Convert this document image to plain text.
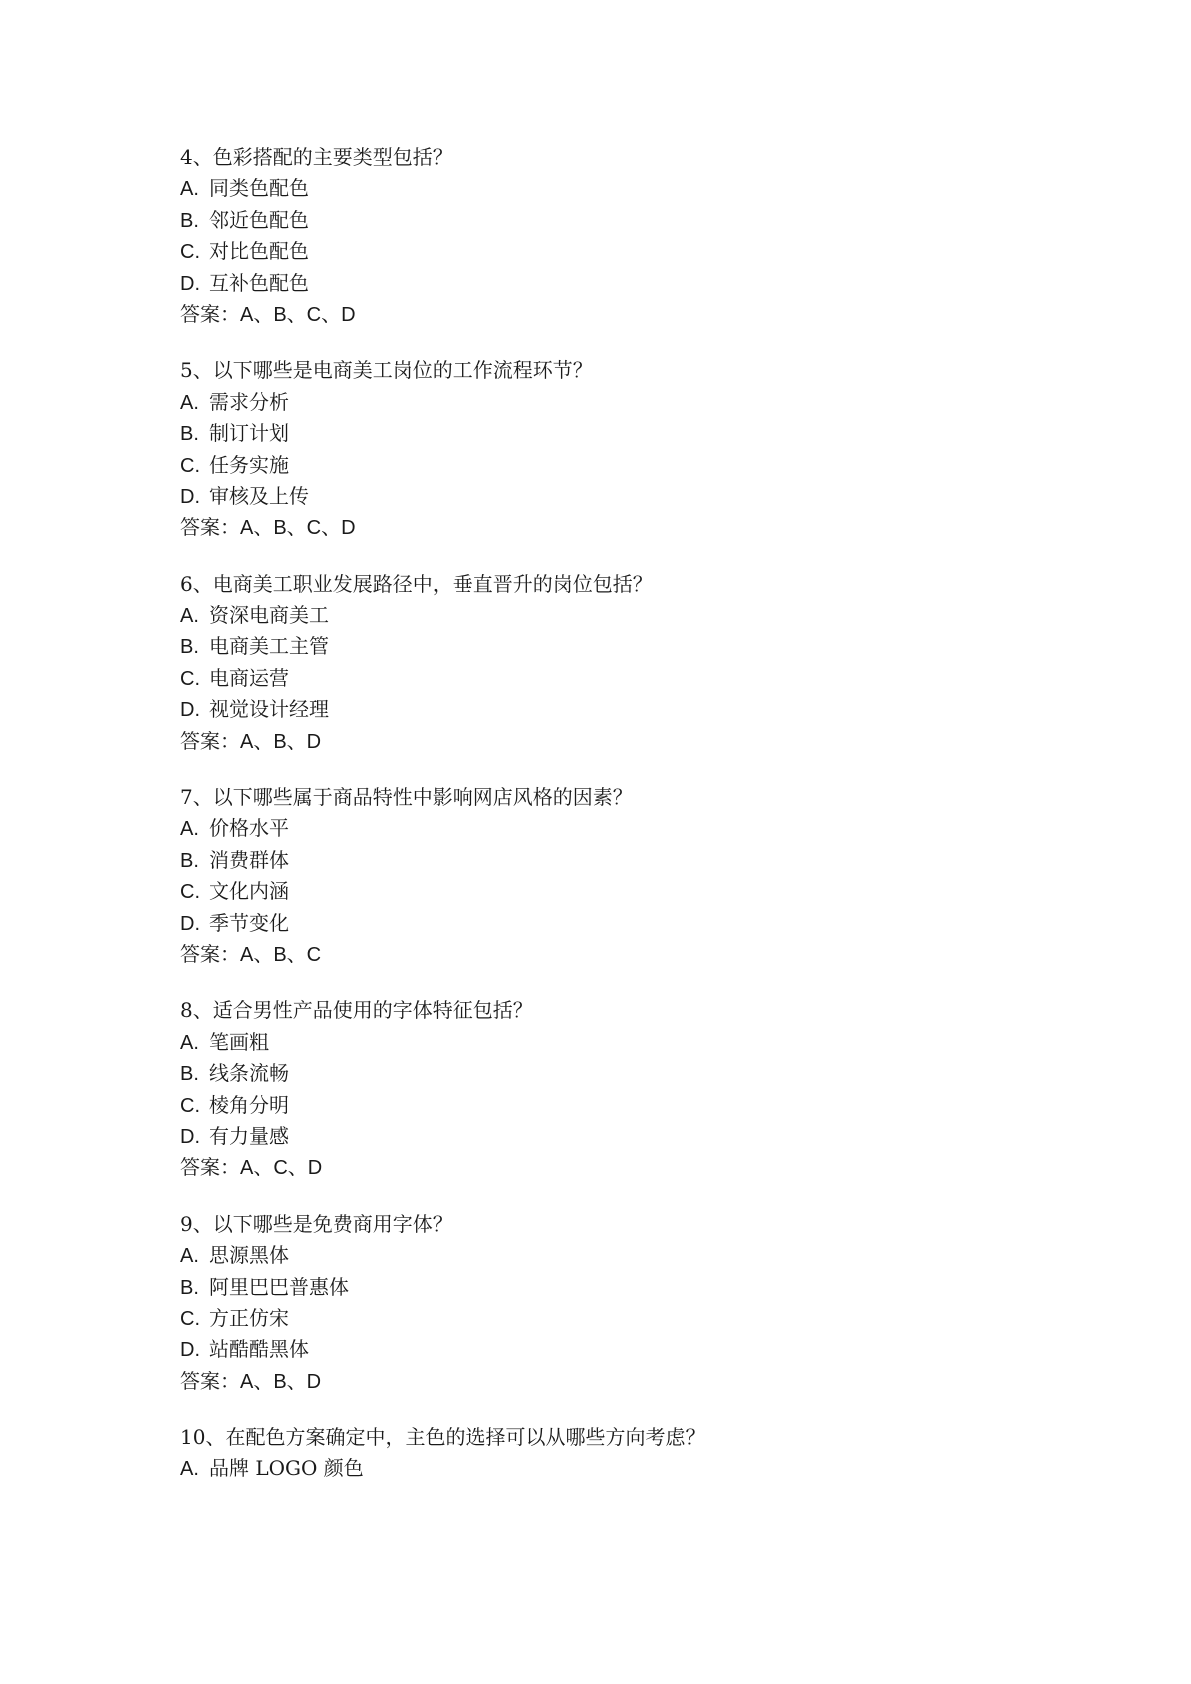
4、色彩搭配的主要类型包括？
A. 同类色配色
B. 邻近色配色
C. 对比色配色
D. 互补色配色
答案：A、B、C、D
5、以下哪些是电商美工岗位的工作流程环节？
A. 需求分析
B. 制订计划
C. 任务实施
D. 审核及上传
答案：A、B、C、D
6、电商美工职业发展路径中，垂直晋升的岗位包括？
A. 资深电商美工
B. 电商美工主管
C. 电商运营
D. 视觉设计经理
答案：A、B、D
7、以下哪些属于商品特性中影响网店风格的因素？
A. 价格水平
B. 消费群体
C. 文化内涵
D. 季节变化
答案：A、B、C
8、适合男性产品使用的字体特征包括？
A. 笔画粗
B. 线条流畅
C. 棱角分明
D. 有力量感
答案：A、C、D
9、以下哪些是免费商用字体？
A. 思源黑体
B. 阿里巴巴普惠体
C. 方正仿宋
D. 站酷酷黑体
答案：A、B、D
10、在配色方案确定中，主色的选择可以从哪些方向考虑？
A. 品牌 LOGO 颜色
